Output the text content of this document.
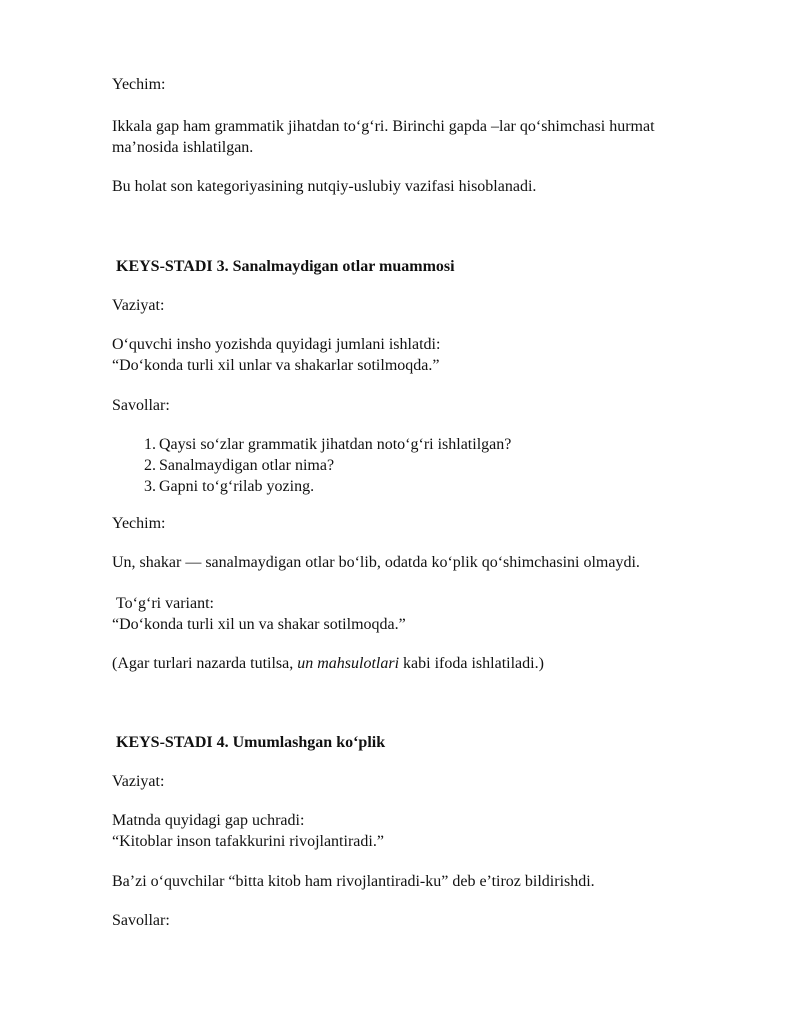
Yechim:

Ikkala gap ham grammatik jihatdan to‘g‘ri. Birinchi gapda –lar qo‘shimchasi hurmat

ma’nosida ishlatilgan.

Bu holat son kategoriyasining nutqiy-uslubiy vazifasi hisoblanadi.

KEYS-STADI 3. Sanalmaydigan otlar muammosi

Vaziyat:

O‘quvchi insho yozishda quyidagi jumlani ishlatdi:

“Do‘konda turli xil unlar va shakarlar sotilmoqda.”

Savollar:

1. Qaysi so‘zlar grammatik jihatdan noto‘g‘ri ishlatilgan?
2. Sanalmaydigan otlar nima?
3. Gapni to‘g‘rilab yozing.

Yechim:

Un, shakar — sanalmaydigan otlar bo‘lib, odatda ko‘plik qo‘shimchasini olmaydi.

To‘g‘ri variant:

“Do‘konda turli xil un va shakar sotilmoqda.”

(Agar turlari nazarda tutilsa, un mahsulotlari kabi ifoda ishlatiladi.)

KEYS-STADI 4. Umumlashgan ko‘plik

Vaziyat:

Matnda quyidagi gap uchradi:

“Kitoblar inson tafakkurini rivojlantiradi.”

Ba’zi o‘quvchilar “bitta kitob ham rivojlantiradi-ku” deb e’tiroz bildirishdi.

Savollar:
